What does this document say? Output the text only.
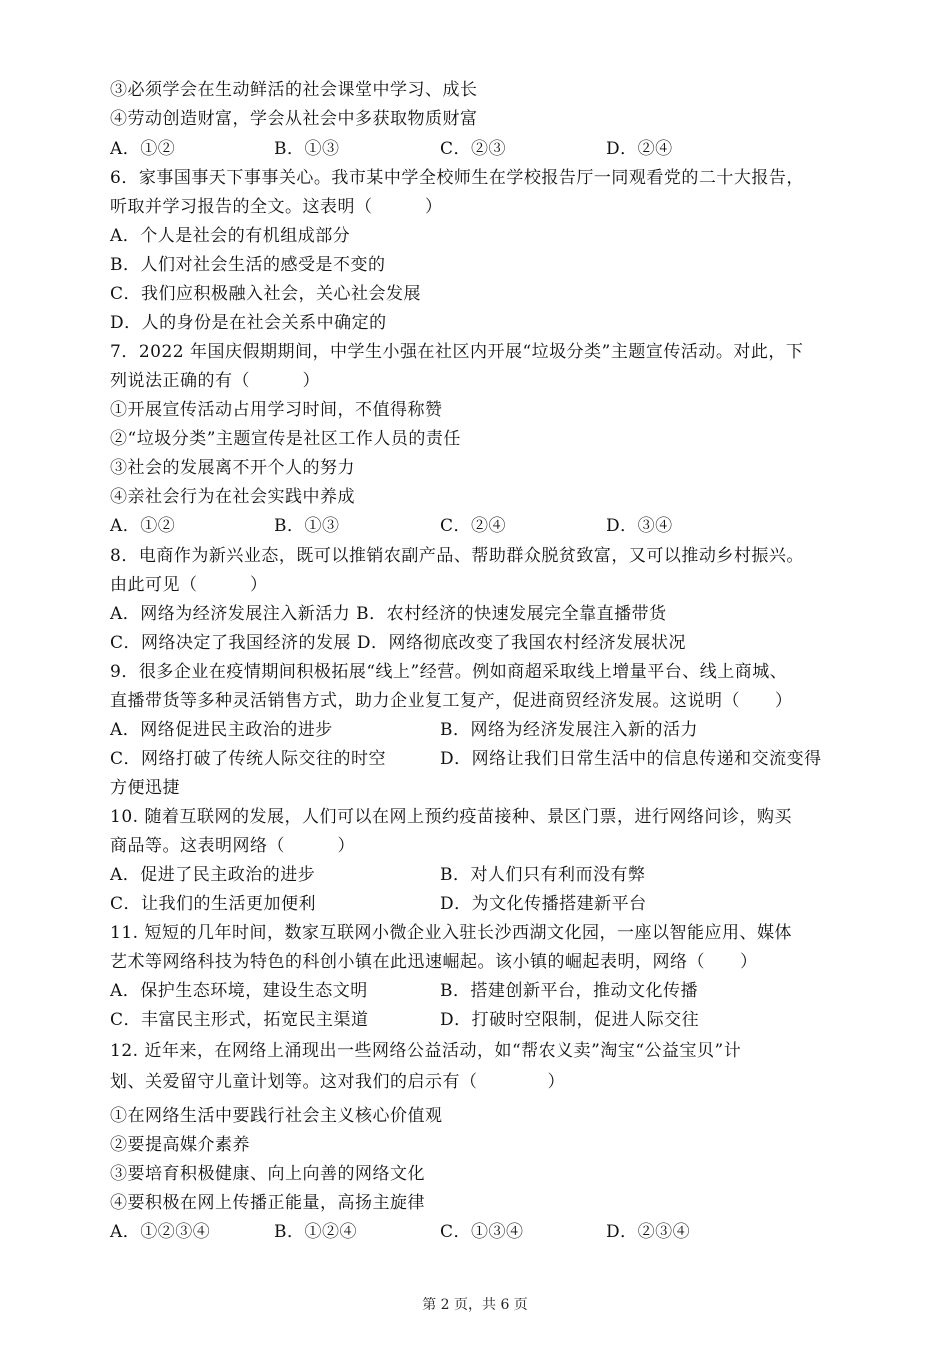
③必须学会在生动鲜活的社会课堂中学习、成长
④劳动创造财富，学会从社会中多获取物质财富
A．①②	B．①③	C．②③	D．②④
6．家事国事天下事事关心。我市某中学全校师生在学校报告厅一同观看党的二十大报告，
听取并学习报告的全文。这表明（　　　）
A．个人是社会的有机组成部分
B．人们对社会生活的感受是不变的
C．我们应积极融入社会，关心社会发展
D．人的身份是在社会关系中确定的
7．2022 年国庆假期期间，中学生小强在社区内开展“垃圾分类”主题宣传活动。对此，下
列说法正确的有（　　　）
①开展宣传活动占用学习时间，不值得称赞
②“垃圾分类”主题宣传是社区工作人员的责任
③社会的发展离不开个人的努力
④亲社会行为在社会实践中养成
A．①②	B．①③	C．②④	D．③④
8．电商作为新兴业态，既可以推销农副产品、帮助群众脱贫致富，又可以推动乡村振兴。
由此可见（　　　）
A．网络为经济发展注入新活力 B．农村经济的快速发展完全靠直播带货
C．网络决定了我国经济的发展 D．网络彻底改变了我国农村经济发展状况
9．很多企业在疫情期间积极拓展“线上”经营。例如商超采取线上增量平台、线上商城、
直播带货等多种灵活销售方式，助力企业复工复产，促进商贸经济发展。这说明（　　）
A．网络促进民主政治的进步	B．网络为经济发展注入新的活力
C．网络打破了传统人际交往的时空	D．网络让我们日常生活中的信息传递和交流变得
方便迅捷
10. 随着互联网的发展，人们可以在网上预约疫苗接种、景区门票，进行网络问诊，购买
商品等。这表明网络（　　　）
A．促进了民主政治的进步	B．对人们只有利而没有弊
C．让我们的生活更加便利	D．为文化传播搭建新平台
11. 短短的几年时间，数家互联网小微企业入驻长沙西湖文化园，一座以智能应用、媒体
艺术等网络科技为特色的科创小镇在此迅速崛起。该小镇的崛起表明，网络（　　）
A．保护生态环境，建设生态文明	B．搭建创新平台，推动文化传播
C．丰富民主形式，拓宽民主渠道	D．打破时空限制，促进人际交往
12. 近年来，在网络上涌现出一些网络公益活动，如“帮农义卖”淘宝“公益宝贝”计
划、关爱留守儿童计划等。这对我们的启示有（　　　　）
①在网络生活中要践行社会主义核心价值观
②要提高媒介素养
③要培育积极健康、向上向善的网络文化
④要积极在网上传播正能量，高扬主旋律
A．①②③④	B．①②④	C．①③④	D．②③④
第 2 页，共 6 页
